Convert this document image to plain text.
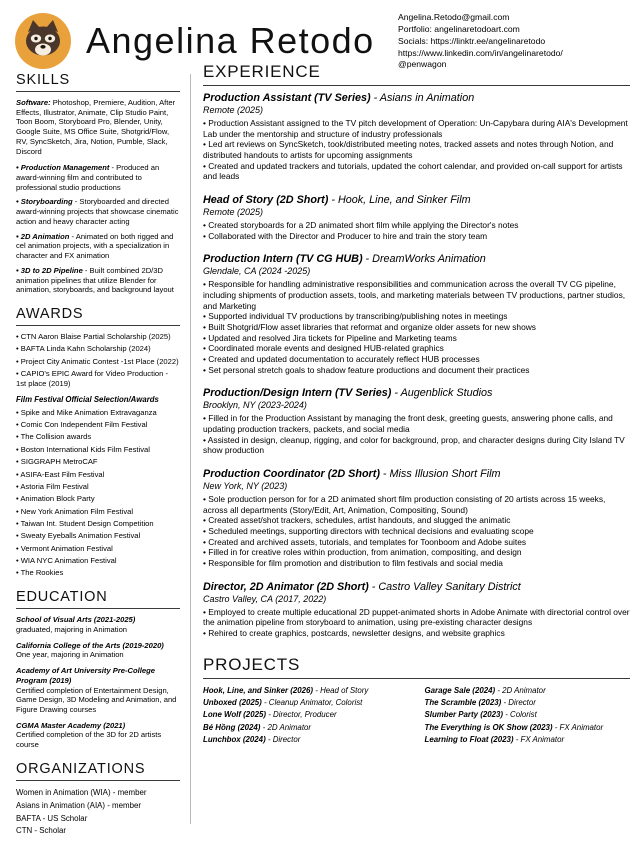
Angelina Retodo
Angelina.Retodo@gmail.com
Portfolio: angelinaretodoart.com
Socials: https://linktr.ee/angelinaretodo
https://www.linkedin.com/in/angelinaretodo/
@penwagon
SKILLS

Software: Photoshop, Premiere, Audition, After Effects, Illustrator, Animate, Clip Studio Paint, Toon Boom, Storyboard Pro, Blender, Unity, Google Suite, MS Office Suite, Shotgrid/Flow, RV, SyncSketch, Jira, Notion, Pumble, Slack, Discord

• Production Management - Produced an award-winning film and contributed to professional studio productions
• Storyboarding - Storyboarded and directed award-winning projects that showcase cinematic action and heavy character acting
• 2D Animation - Animated on both rigged and cel animation projects, with a specialization in character and FX animation
• 3D to 2D Pipeline - Built combined 2D/3D animation pipelines that utilize Blender for animation, storyboards, and background layout
AWARDS
• CTN Aaron Blaise Partial Scholarship (2025)
• BAFTA Linda Kahn Scholarship (2024)
• Project City Animatic Contest -1st Place (2022)
• CAPIO's EPIC Award for Video Production - 1st place (2019)
Film Festival Official Selection/Awards
• Spike and Mike Animation Extravaganza
• Comic Con Independent Film Festival
• The Collision awards
• Boston International Kids Film Festival
• SIGGRAPH MetroCAF
• ASIFA-East Film Festival
• Astoria Film Festival
• Animation Block Party
• New York Animation Film Festival
• Taiwan Int. Student Design Competition
• Sweaty Eyeballs Animation Festival
• Vermont Animation Festival
• WIA NYC Animation Festival
• The Rookies
EDUCATION
School of Visual Arts (2021-2025)
graduated, majoring in Animation
California College of the Arts (2019-2020)
One year, majoring in Animation
Academy of Art University Pre-College Program (2019)
Certified completion of Entertainment Design, Game Design, 3D Modeling and Animation, and Figure Drawing courses
CGMA Master Academy (2021)
Certified completion of the 3D for 2D artists course
ORGANIZATIONS
Women in Animation (WIA) - member
Asians in Animation (AIA) - member
BAFTA - US Scholar
CTN - Scholar
EXPERIENCE
Production Assistant (TV Series) - Asians in Animation
Remote (2025)
• Production Assistant assigned to the TV pitch development of Operation: Un-Capybara during AIA's Development Lab under the mentorship and structure of industry professionals
• Led art reviews on SyncSketch, took/distributed meeting notes, tracked assets and notes through Notion, and distributed handouts to artists for upcoming assignments
• Created and updated trackers and tutorials, updated the cohort calendar, and provided on-call support for artists and leads
Head of Story (2D Short) - Hook, Line, and Sinker Film
Remote (2025)
• Created storyboards for a 2D animated short film while applying the Director's notes
• Collaborated with the Director and Producer to hire and train the story team
Production Intern (TV CG HUB) - DreamWorks Animation
Glendale, CA (2024 -2025)
• Responsible for handling administrative responsibilities and communication across the overall TV CG pipeline, including shipments of production assets, tools, and marketing materials between TV productions, partner studios, and Marketing
• Supported individual TV productions by transcribing/publishing notes in meetings
• Built Shotgrid/Flow asset libraries that reformat and organize older assets for new shows
• Updated and resolved Jira tickets for Pipeline and Marketing teams
• Coordinated morale events and designed HUB-related graphics
• Created and updated documentation to accurately reflect HUB processes
• Set personal stretch goals to shadow feature productions and document their practices
Production/Design Intern (TV Series) - Augenblick Studios
Brooklyn, NY (2023-2024)
• Filled in for the Production Assistant by managing the front desk, greeting guests, answering phone calls, and updating production trackers, packets, and social media
• Assisted in design, cleanup, rigging, and color for background, prop, and character designs during City Island TV show production
Production Coordinator (2D Short) - Miss Illusion Short Film
New York, NY (2023)
• Sole production person for for a 2D animated short film production consisting of 20 artists across 15 weeks, across all departments (Story/Edit, Art, Animation, Compositing, Sound)
• Created asset/shot trackers, schedules, artist handouts, and slugged the animatic
• Scheduled meetings, supporting directors with technical decisions and evaluating scope
• Created and archived assets, tutorials, and templates for Toonboom and Adobe suites
• Filled in for creative roles within production, from animation, compositing, and design
• Responsible for film promotion and distribution to film festivals and social media
Director, 2D Animator (2D Short) - Castro Valley Sanitary District
Castro Valley, CA (2017, 2022)
• Employed to create multiple educational 2D puppet-animated shorts in Adobe Animate with directorial control over the animation pipeline from storyboard to animation, using pre-existing character designs
• Rehired to create graphics, postcards, newsletter designs, and website graphics
PROJECTS
Hook, Line, and Sinker (2026) - Head of Story
Unboxed (2025) - Cleanup Animator, Colorist
Lone Wolf (2025) - Director, Producer
Bé Hồng (2024) - 2D Animator
Lunchbox (2024) - Director
Garage Sale (2024) - 2D Animator
The Scramble (2023) - Director
Slumber Party (2023) - Colorist
The Everything is OK Show (2023) - FX Animator
Learning to Float (2023) - FX Animator
